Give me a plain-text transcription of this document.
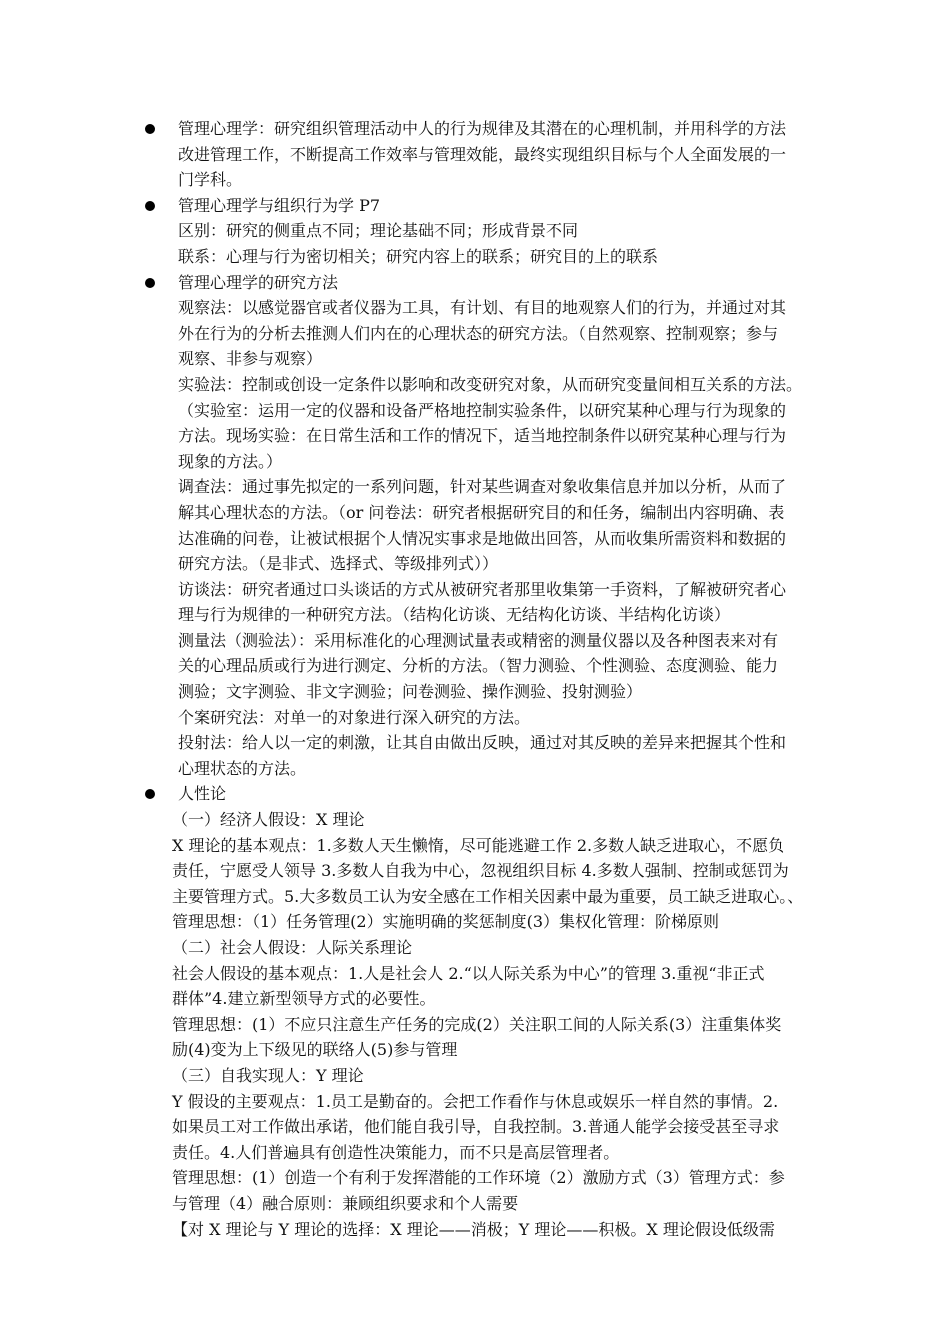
管理心理学：研究组织管理活动中人的行为规律及其潜在的心理机制，并用科学的方法
改进管理工作，不断提高工作效率与管理效能，最终实现组织目标与个人全面发展的一
门学科。
管理心理学与组织行为学 P7
区别：研究的侧重点不同；理论基础不同；形成背景不同
联系：心理与行为密切相关；研究内容上的联系；研究目的上的联系
管理心理学的研究方法
观察法：以感觉器官或者仪器为工具，有计划、有目的地观察人们的行为，并通过对其
外在行为的分析去推测人们内在的心理状态的研究方法。（自然观察、控制观察；参与
观察、非参与观察）
实验法：控制或创设一定条件以影响和改变研究对象，从而研究变量间相互关系的方法。
（实验室：运用一定的仪器和设备严格地控制实验条件，以研究某种心理与行为现象的
方法。现场实验：在日常生活和工作的情况下，适当地控制条件以研究某种心理与行为
现象的方法。）
调查法：通过事先拟定的一系列问题，针对某些调查对象收集信息并加以分析，从而了
解其心理状态的方法。（or 问卷法：研究者根据研究目的和任务，编制出内容明确、表
达准确的问卷，让被试根据个人情况实事求是地做出回答，从而收集所需资料和数据的
研究方法。（是非式、选择式、等级排列式））
访谈法：研究者通过口头谈话的方式从被研究者那里收集第一手资料，了解被研究者心
理与行为规律的一种研究方法。（结构化访谈、无结构化访谈、半结构化访谈）
测量法（测验法）：采用标准化的心理测试量表或精密的测量仪器以及各种图表来对有
关的心理品质或行为进行测定、分析的方法。（智力测验、个性测验、态度测验、能力
测验；文字测验、非文字测验；问卷测验、操作测验、投射测验）
个案研究法：对单一的对象进行深入研究的方法。
投射法：给人以一定的刺激，让其自由做出反映，通过对其反映的差异来把握其个性和
心理状态的方法。
人性论
（一）经济人假设：X 理论
X 理论的基本观点：1.多数人天生懒惰，尽可能逃避工作 2.多数人缺乏进取心，不愿负
责任，宁愿受人领导 3.多数人自我为中心，忽视组织目标 4.多数人强制、控制或惩罚为
主要管理方式。5.大多数员工认为安全感在工作相关因素中最为重要，员工缺乏进取心。、
管理思想：（1）任务管理(2）实施明确的奖惩制度(3）集权化管理：阶梯原则
（二）社会人假设：人际关系理论
社会人假设的基本观点：1.人是社会人 2.“以人际关系为中心”的管理 3.重视“非正式
群体”4.建立新型领导方式的必要性。
管理思想：(1）不应只注意生产任务的完成(2）关注职工间的人际关系(3）注重集体奖
励(4)变为上下级见的联络人(5)参与管理
（三）自我实现人：Y 理论
Y 假设的主要观点：1.员工是勤奋的。会把工作看作与休息或娱乐一样自然的事情。2.
如果员工对工作做出承诺，他们能自我引导，自我控制。3.普通人能学会接受甚至寻求
责任。4.人们普遍具有创造性决策能力，而不只是高层管理者。
管理思想：(1）创造一个有利于发挥潜能的工作环境（2）激励方式（3）管理方式：参
与管理（4）融合原则：兼顾组织要求和个人需要
【对 X 理论与 Y 理论的选择：X 理论——消极；Y 理论——积极。X 理论假设低级需
